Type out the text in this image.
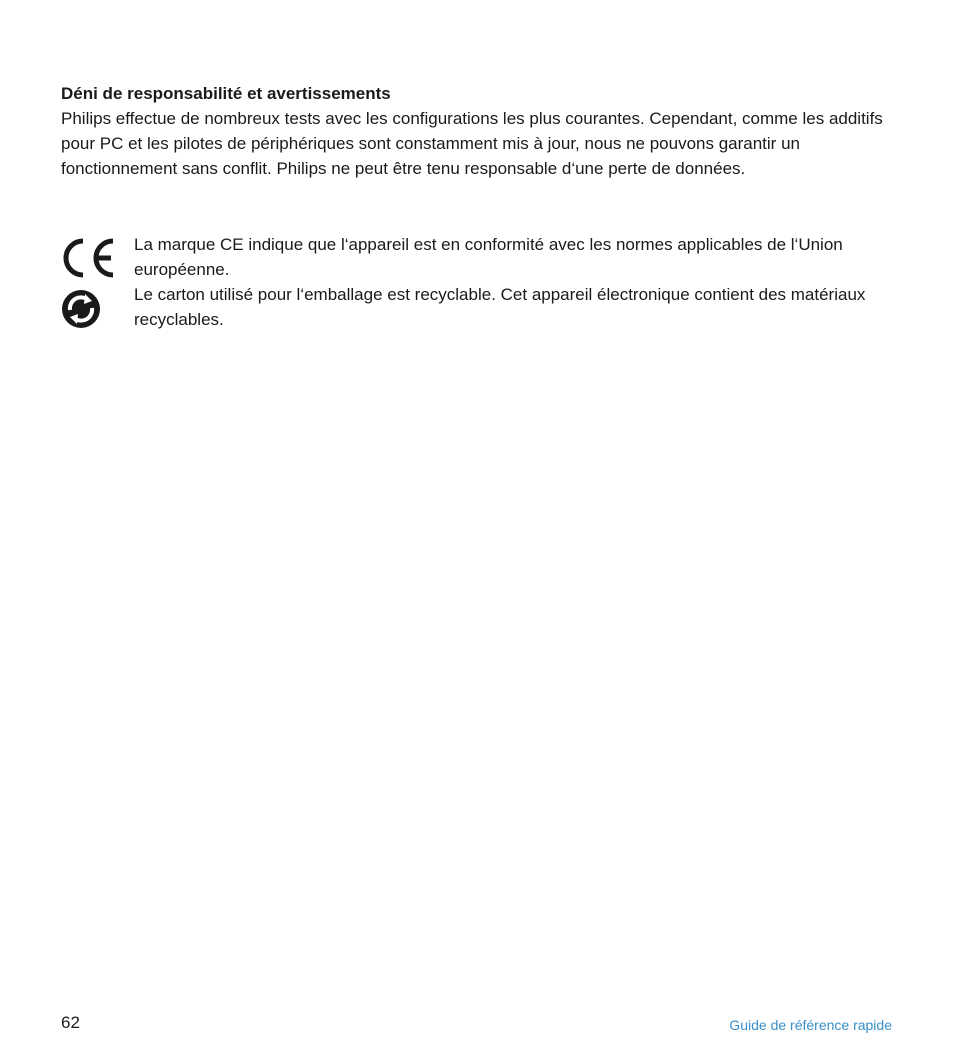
Déni de responsabilité et avertissements

Philips effectue de nombreux tests avec les configurations les plus courantes. Cependant, comme les additifs pour PC et les pilotes de périphériques sont constamment mis à jour, nous ne pouvons garantir un fonctionnement sans conflit. Philips ne peut être tenu responsable d‘une perte de données.

La marque CE indique que l‘appareil est en conformité avec les normes applicables de l‘Union européenne.

Le carton utilisé pour l‘emballage est recyclable. Cet appareil électronique contient des matériaux recyclables.

62	Guide de référence rapide
